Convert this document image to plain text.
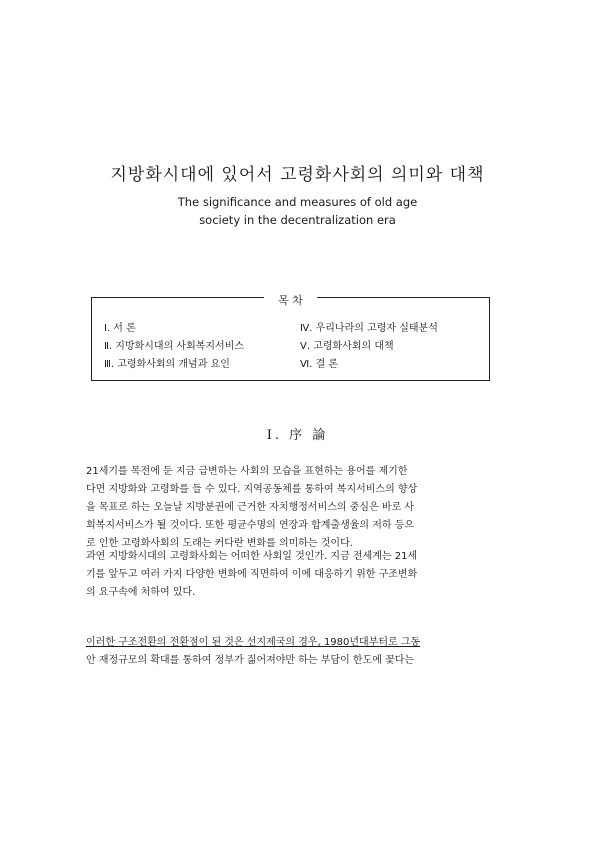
지방화시대에 있어서 고령화사회의 의미와 대책
The significance and measures of old age
society in the decentralization era
목 차
Ⅰ. 서 론
Ⅱ. 지방화시대의 사회복지서비스
Ⅲ. 고령화사회의 개념과 요인
Ⅳ. 우리나라의 고령자 실태분석
Ⅴ. 고령화사회의 대책
Ⅵ. 결 론
Ⅰ. 序 論
21세기를 목전에 둔 지금 급변하는 사회의 모습을 표현하는 용어를 제기한
다면 지방화와 고령화를 들 수 있다. 지역공동체를 통하여 복지서비스의 향상
을 목표로 하는 오늘날 지방분권에 근거한 자치행정서비스의 중심은 바로 사
회복지서비스가 될 것이다. 또한 평균수명의 연장과 합계출생율의 저하 등으
로 인한 고령화사회의 도래는 커다란 변화를 의미하는 것이다.
과연 지방화시대의 고령화사회는 어떠한 사회일 것인가. 지금 전세계는 21세
기를 앞두고 여러 가지 다양한 변화에 직면하여 이에 대응하기 위한 구조변화
의 요구속에 처하여 있다.
이러한 구조전환의 전환점이 된 것은 선지제국의 경우, 1980년대부터로 그동
안 재정규모의 확대를 통하여 정부가 짊어져야만 하는 부담이 한도에 꽃다는
